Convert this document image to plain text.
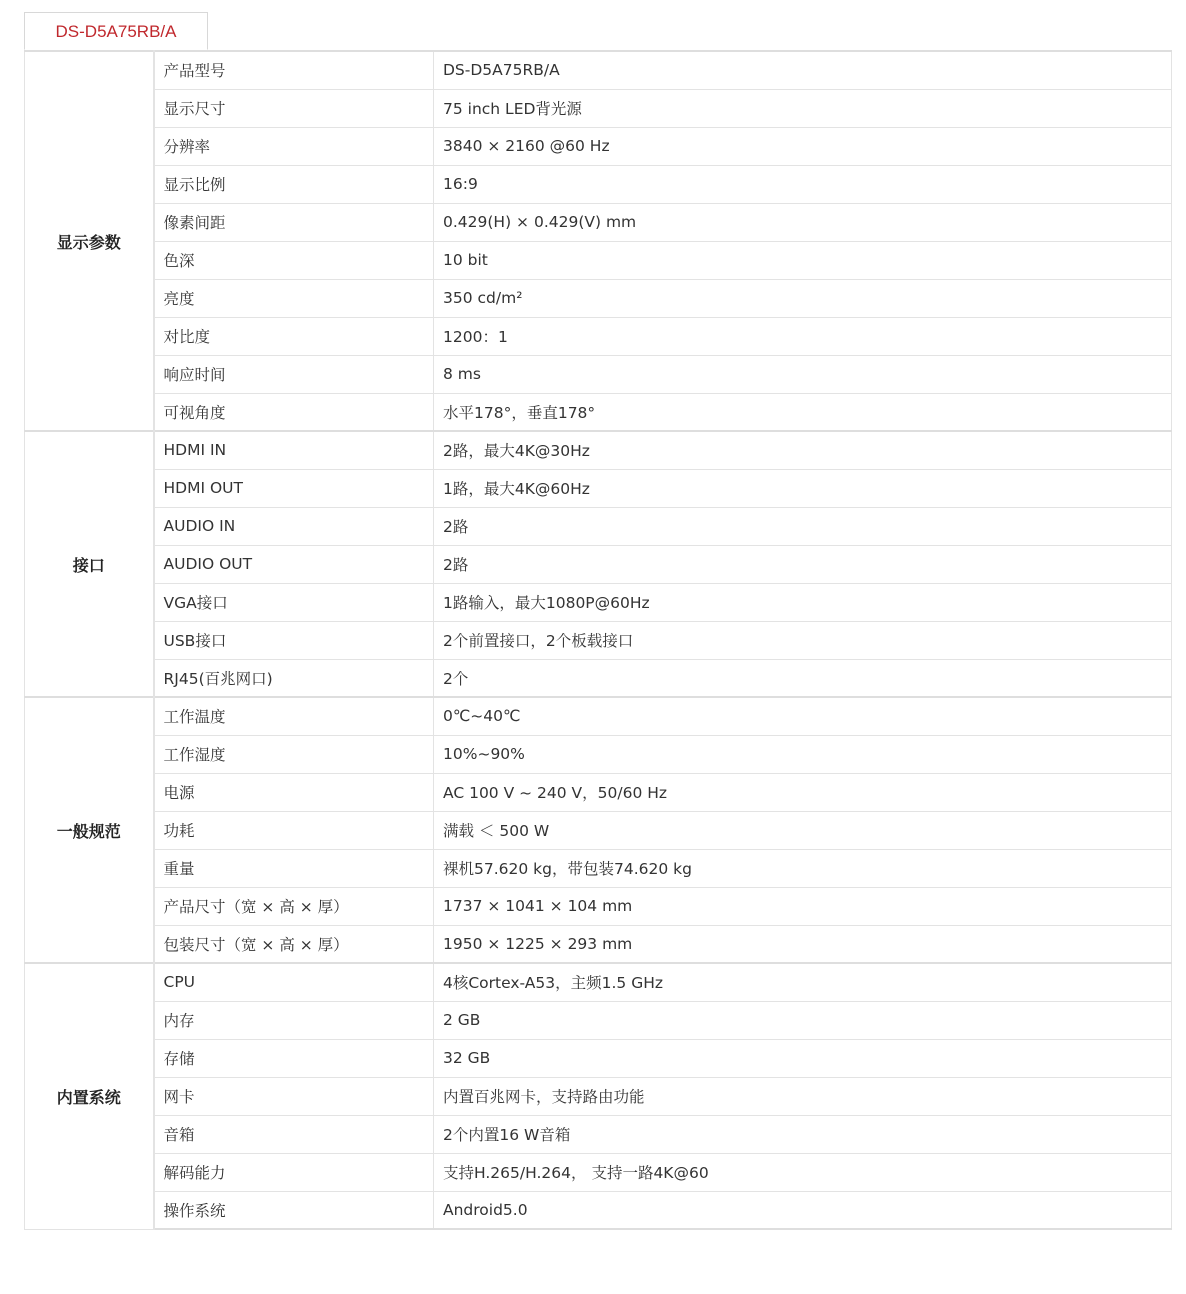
DS-D5A75RB/A
显示参数	产品型号	DS-D5A75RB/A
	显示尺寸	75 inch LED背光源
	分辨率	3840 × 2160 @60 Hz
	显示比例	16:9
	像素间距	0.429(H) × 0.429(V) mm
	色深	10 bit
	亮度	350 cd/m²
	对比度	1200：1
	响应时间	8 ms
	可视角度	水平178°，垂直178°
接口	HDMI IN	2路，最大4K@30Hz
	HDMI OUT	1路，最大4K@60Hz
	AUDIO IN	2路
	AUDIO OUT	2路
	VGA接口	1路输入，最大1080P@60Hz
	USB接口	2个前置接口，2个板载接口
	RJ45(百兆网口)	2个
一般规范	工作温度	0℃~40℃
	工作湿度	10%~90%
	电源	AC 100 V ~ 240 V，50/60 Hz
	功耗	满载 ＜ 500 W
	重量	裸机57.620 kg，带包装74.620 kg
	产品尺寸（宽 × 高 × 厚）	1737 × 1041 × 104 mm
	包装尺寸（宽 × 高 × 厚）	1950 × 1225 × 293 mm
内置系统	CPU	4核Cortex-A53，主频1.5 GHz
	内存	2 GB
	存储	32 GB
	网卡	内置百兆网卡，支持路由功能
	音箱	2个内置16 W音箱
	解码能力	支持H.265/H.264， 支持一路4K@60
	操作系统	Android5.0
